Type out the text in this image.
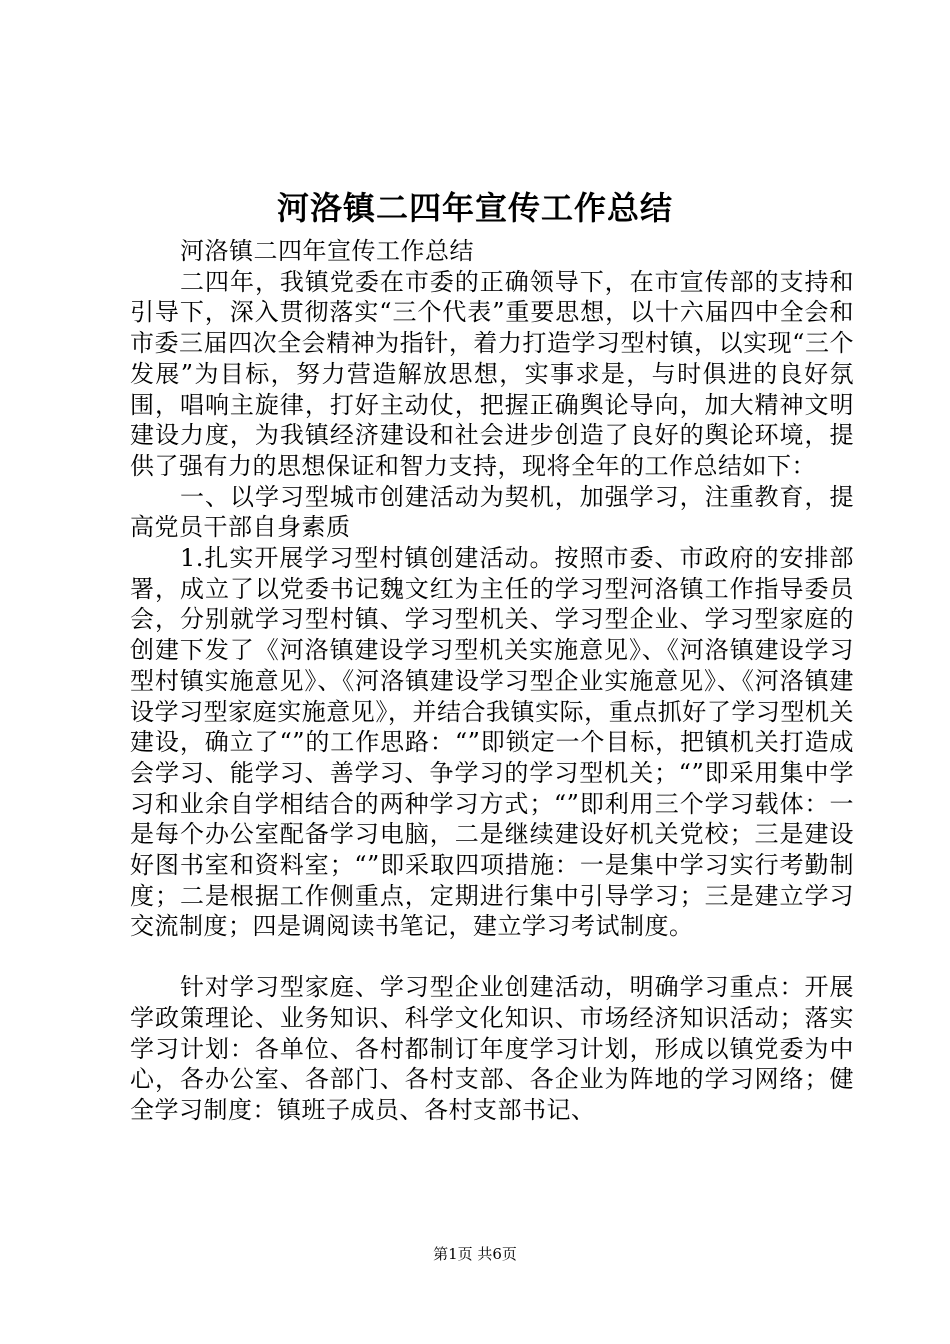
河洛镇二四年宣传工作总结

河洛镇二四年宣传工作总结

二四年，我镇党委在市委的正确领导下，在市宣传部的支持和引导下，深入贯彻落实“三个代表”重要思想，以十六届四中全会和市委三届四次全会精神为指针，着力打造学习型村镇，以实现“三个发展”为目标，努力营造解放思想，实事求是，与时俱进的良好氛围，唱响主旋律，打好主动仗，把握正确舆论导向，加大精神文明建设力度，为我镇经济建设和社会进步创造了良好的舆论环境，提供了强有力的思想保证和智力支持，现将全年的工作总结如下：

一、以学习型城市创建活动为契机，加强学习，注重教育，提高党员干部自身素质

1.扎实开展学习型村镇创建活动。按照市委、市政府的安排部署，成立了以党委书记魏文红为主任的学习型河洛镇工作指导委员会，分别就学习型村镇、学习型机关、学习型企业、学习型家庭的创建下发了《河洛镇建设学习型机关实施意见》、《河洛镇建设学习型村镇实施意见》、《河洛镇建设学习型企业实施意见》、《河洛镇建设学习型家庭实施意见》，并结合我镇实际，重点抓好了学习型机关建设，确立了“”的工作思路：“”即锁定一个目标，把镇机关打造成会学习、能学习、善学习、争学习的学习型机关；“”即采用集中学习和业余自学相结合的两种学习方式；“”即利用三个学习载体：一是每个办公室配备学习电脑，二是继续建设好机关党校；三是建设好图书室和资料室；“”即采取四项措施：一是集中学习实行考勤制度；二是根据工作侧重点，定期进行集中引导学习；三是建立学习交流制度；四是调阅读书笔记，建立学习考试制度。

针对学习型家庭、学习型企业创建活动，明确学习重点：开展学政策理论、业务知识、科学文化知识、市场经济知识活动；落实学习计划：各单位、各村都制订年度学习计划，形成以镇党委为中心，各办公室、各部门、各村支部、各企业为阵地的学习网络；健全学习制度：镇班子成员、各村支部书记、

第1页 共6页
